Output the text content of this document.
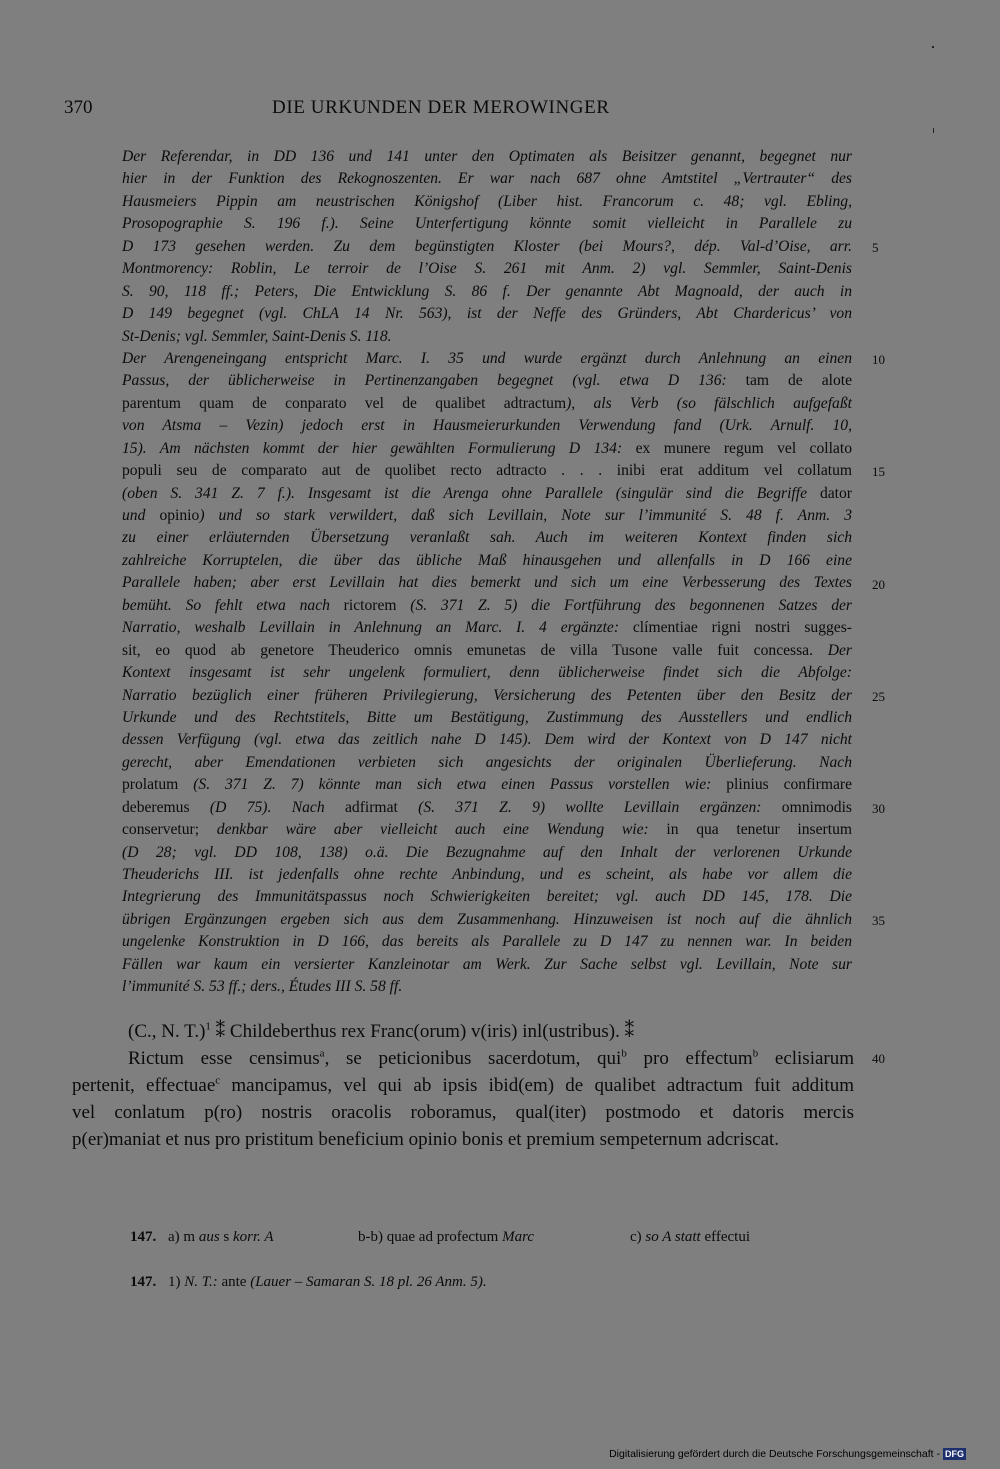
370	DIE URKUNDEN DER MEROWINGER
Der Referendar, in DD 136 und 141 unter den Optimaten als Beisitzer genannt, begegnet nur
hier in der Funktion des Rekognoszenten. Er war nach 687 ohne Amtstitel „Vertrauter“ des
Hausmeiers Pippin am neustrischen Königshof (Liber hist. Francorum c. 48; vgl. Ebling,
Prosopographie S. 196 f.). Seine Unterfertigung könnte somit vielleicht in Parallele zu
D 173 gesehen werden. Zu dem begünstigten Kloster (bei Mours?, dép. Val-d’Oise, arr.
Montmorency: Roblin, Le terroir de l’Oise S. 261 mit Anm. 2) vgl. Semmler, Saint-Denis
S. 90, 118 ff.; Peters, Die Entwicklung S. 86 f. Der genannte Abt Magnoald, der auch in
D 149 begegnet (vgl. ChLA 14 Nr. 563), ist der Neffe des Gründers, Abt Chardericus’ von
St-Denis; vgl. Semmler, Saint-Denis S. 118.
Der Arengeneingang entspricht Marc. I. 35 und wurde ergänzt durch Anlehnung an einen
Passus, der üblicherweise in Pertinenzangaben begegnet (vgl. etwa D 136: tam de alote
parentum quam de conparato vel de qualibet adtractum), als Verb (so fälschlich aufgefaßt
von Atsma – Vezin) jedoch erst in Hausmeierurkunden Verwendung fand (Urk. Arnulf. 10,
15). Am nächsten kommt der hier gewählten Formulierung D 134: ex munere regum vel collato
populi seu de comparato aut de quolibet recto adtracto . . . inibi erat additum vel collatum
(oben S. 341 Z. 7 f.). Insgesamt ist die Arenga ohne Parallele (singulär sind die Begriffe dator
und opinio) und so stark verwildert, daß sich Levillain, Note sur l’immunité S. 48 f. Anm. 3
zu einer erläuternden Übersetzung veranlaßt sah. Auch im weiteren Kontext finden sich
zahlreiche Korruptelen, die über das übliche Maß hinausgehen und allenfalls in D 166 eine
Parallele haben; aber erst Levillain hat dies bemerkt und sich um eine Verbesserung des Textes
bemüht. So fehlt etwa nach rictorem (S. 371 Z. 5) die Fortführung des begonnenen Satzes der
Narratio, weshalb Levillain in Anlehnung an Marc. I. 4 ergänzte: clímentiae rigni nostri sugges-
sit, eo quod ab genetore Theuderico omnis emunetas de villa Tusone valle fuit concessa. Der
Kontext insgesamt ist sehr ungelenk formuliert, denn üblicherweise findet sich die Abfolge:
Narratio bezüglich einer früheren Privilegierung, Versicherung des Petenten über den Besitz der
Urkunde und des Rechtstitels, Bitte um Bestätigung, Zustimmung des Ausstellers und endlich
dessen Verfügung (vgl. etwa das zeitlich nahe D 145). Dem wird der Kontext von D 147 nicht
gerecht, aber Emendationen verbieten sich angesichts der originalen Überlieferung. Nach
prolatum (S. 371 Z. 7) könnte man sich etwa einen Passus vorstellen wie: plinius confirmare
deberemus (D 75). Nach adfirmat (S. 371 Z. 9) wollte Levillain ergänzen: omnimodis
conservetur; denkbar wäre aber vielleicht auch eine Wendung wie: in qua tenetur insertum
(D 28; vgl. DD 108, 138) o.ä. Die Bezugnahme auf den Inhalt der verlorenen Urkunde
Theuderichs III. ist jedenfalls ohne rechte Anbindung, und es scheint, als habe vor allem die
Integrierung des Immunitätspassus noch Schwierigkeiten bereitet; vgl. auch DD 145, 178. Die
übrigen Ergänzungen ergeben sich aus dem Zusammenhang. Hinzuweisen ist noch auf die ähnlich
ungelenke Konstruktion in D 166, das bereits als Parallele zu D 147 zu nennen war. In beiden
Fällen war kaum ein versierter Kanzleinotar am Werk. Zur Sache selbst vgl. Levillain, Note sur
l’immunité S. 53 ff.; ders., Études III S. 58 ff.
5
10
15
20
25
30
35
(C., N. T.)$^1$ ⁑ Childeberthus rex Franc(orum) v(iris) inl(ustribus). ⁑
Rictum esse censimus$^a$, se peticionibus sacerdotum, qui$^b$ pro effectum$^b$ eclisiarum
pertenit, effectuae$^c$ mancipamus, vel qui ab ipsis ibid(em) de qualibet adtractum fuit additum
vel conlatum p(ro) nostris oracolis roboramus, qual(iter) postmodo et datoris mercis
p(er)maniat et nus pro pristitum beneficium opinio bonis et premium sempeternum adcriscat.
40
147. a) m aus s korr. A	b-b) quae ad profectum Marc	c) so A statt effectui
147. 1) N. T.: ante (Lauer – Samaran S. 18 pl. 26 Anm. 5).
Digitalisierung gefördert durch die Deutsche Forschungsgemeinschaft - DFG
